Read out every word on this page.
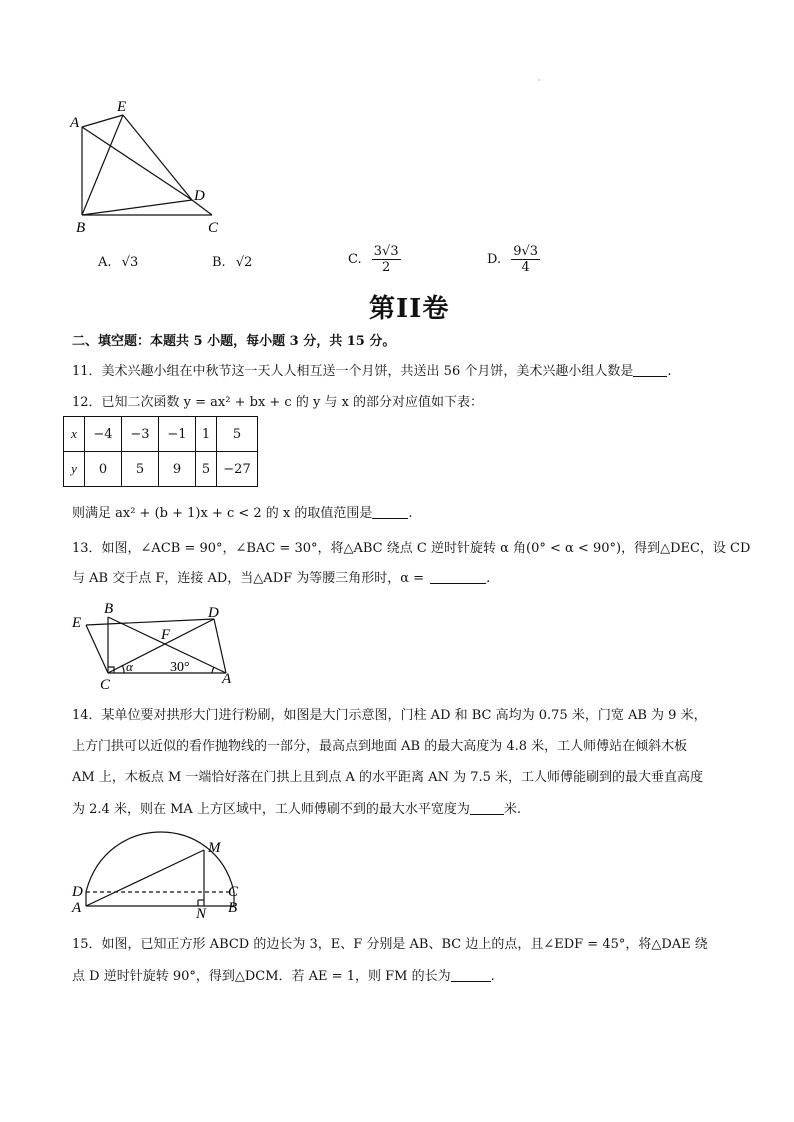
·
A
E
D
B	C
A. √3	B. √2	C. $\frac{3√3}{2}$	D. $\frac{9√3}{4}$
第II卷
二、填空题：本题共 5 小题，每小题 3 分，共 15 分。
11．美术兴趣小组在中秋节这一天人人相互送一个月饼，共送出 56 个月饼，美术兴趣小组人数是	.
12．已知二次函数 y = ax² + bx + c 的 y 与 x 的部分对应值如下表：
x	−4	−3	−1	1	5
y	0	5	9	5	−27
则满足 ax² + (b + 1)x + c < 2 的 x 的取值范围是	.
13．如图，∠ACB = 90°，∠BAC = 30°，将△ABC 绕点 C 逆时针旋转 α 角(0° < α < 90°)，得到△DEC，设 CD
与 AB 交于点 F，连接 AD，当△ADF 为等腰三角形时，α =	.
B	D
E
F
C	A
α	30°
14．某单位要对拱形大门进行粉刷，如图是大门示意图，门柱 AD 和 BC 高均为 0.75 米，门宽 AB 为 9 米，
上方门拱可以近似的看作抛物线的一部分，最高点到地面 AB 的最大高度为 4.8 米，工人师傅站在倾斜木板
AM 上，木板点 M 一端恰好落在门拱上且到点 A 的水平距离 AN 为 7.5 米，工人师傅能刷到的最大垂直高度
为 2.4 米，则在 MA 上方区域中，工人师傅刷不到的最大水平宽度为	米.
M
D	C
A	N B
15．如图，已知正方形 ABCD 的边长为 3，E、F 分别是 AB、BC 边上的点，且∠EDF = 45°，将△DAE 绕
点 D 逆时针旋转 90°，得到△DCM．若 AE = 1，则 FM 的长为	.
